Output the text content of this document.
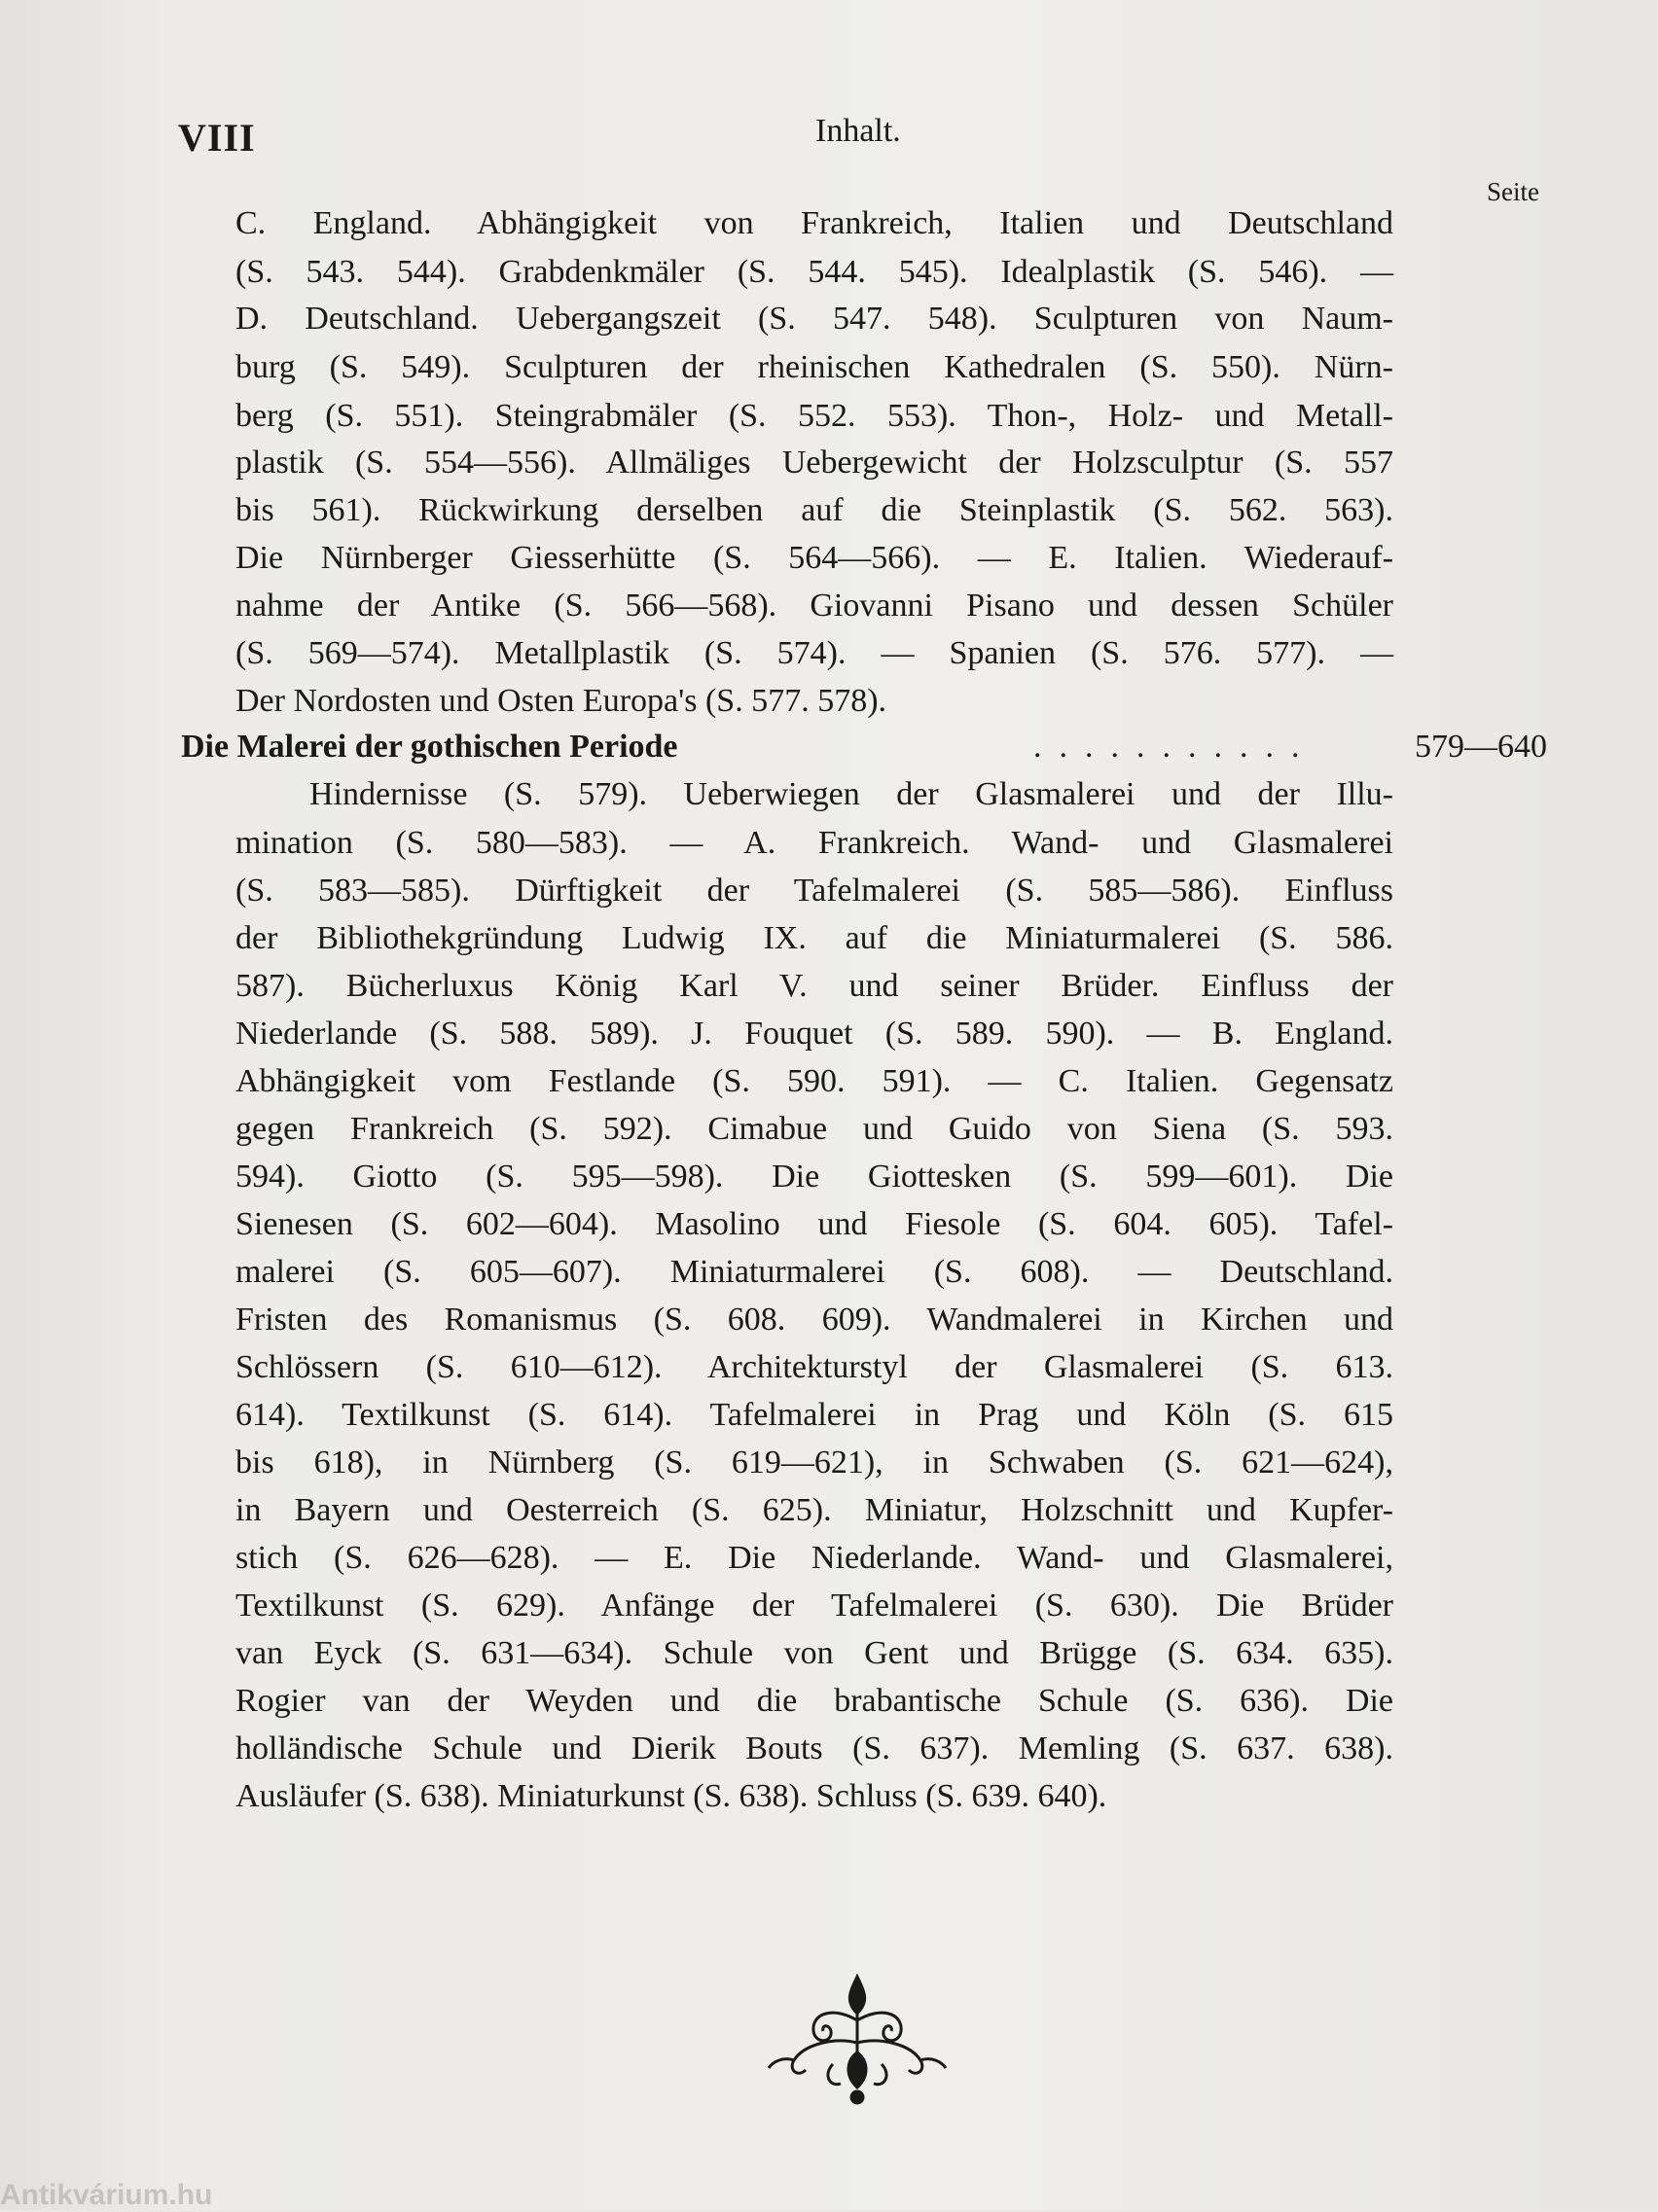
VIII	Inhalt.
Seite
C. England. Abhängigkeit von Frankreich, Italien und Deutschland
(S. 543. 544). Grabdenkmäler (S. 544. 545). Idealplastik (S. 546). —
D. Deutschland. Uebergangszeit (S. 547. 548). Sculpturen von Naum-
burg (S. 549). Sculpturen der rheinischen Kathedralen (S. 550). Nürn-
berg (S. 551). Steingrabmäler (S. 552. 553). Thon-, Holz- und Metall-
plastik (S. 554—556). Allmäliges Uebergewicht der Holzsculptur (S. 557
bis 561). Rückwirkung derselben auf die Steinplastik (S. 562. 563).
Die Nürnberger Giesserhütte (S. 564—566). — E. Italien. Wiederauf-
nahme der Antike (S. 566—568). Giovanni Pisano und dessen Schüler
(S. 569—574). Metallplastik (S. 574). — Spanien (S. 576. 577). —
Der Nordosten und Osten Europa's (S. 577. 578).
Die Malerei der gothischen Periode	...........	579—640
Hindernisse (S. 579). Ueberwiegen der Glasmalerei und der Illu-
mination (S. 580—583). — A. Frankreich. Wand- und Glasmalerei
(S. 583—585). Dürftigkeit der Tafelmalerei (S. 585—586). Einfluss
der Bibliothekgründung Ludwig IX. auf die Miniaturmalerei (S. 586.
587). Bücherluxus König Karl V. und seiner Brüder. Einfluss der
Niederlande (S. 588. 589). J. Fouquet (S. 589. 590). — B. England.
Abhängigkeit vom Festlande (S. 590. 591). — C. Italien. Gegensatz
gegen Frankreich (S. 592). Cimabue und Guido von Siena (S. 593.
594). Giotto (S. 595—598). Die Giottesken (S. 599—601). Die
Sienesen (S. 602—604). Masolino und Fiesole (S. 604. 605). Tafel-
malerei (S. 605—607). Miniaturmalerei (S. 608). — Deutschland.
Fristen des Romanismus (S. 608. 609). Wandmalerei in Kirchen und
Schlössern (S. 610—612). Architekturstyl der Glasmalerei (S. 613.
614). Textilkunst (S. 614). Tafelmalerei in Prag und Köln (S. 615
bis 618), in Nürnberg (S. 619—621), in Schwaben (S. 621—624),
in Bayern und Oesterreich (S. 625). Miniatur, Holzschnitt und Kupfer-
stich (S. 626—628). — E. Die Niederlande. Wand- und Glasmalerei,
Textilkunst (S. 629). Anfänge der Tafelmalerei (S. 630). Die Brüder
van Eyck (S. 631—634). Schule von Gent und Brügge (S. 634. 635).
Rogier van der Weyden und die brabantische Schule (S. 636). Die
holländische Schule und Dierik Bouts (S. 637). Memling (S. 637. 638).
Ausläufer (S. 638). Miniaturkunst (S. 638). Schluss (S. 639. 640).
Antikvárium.hu
